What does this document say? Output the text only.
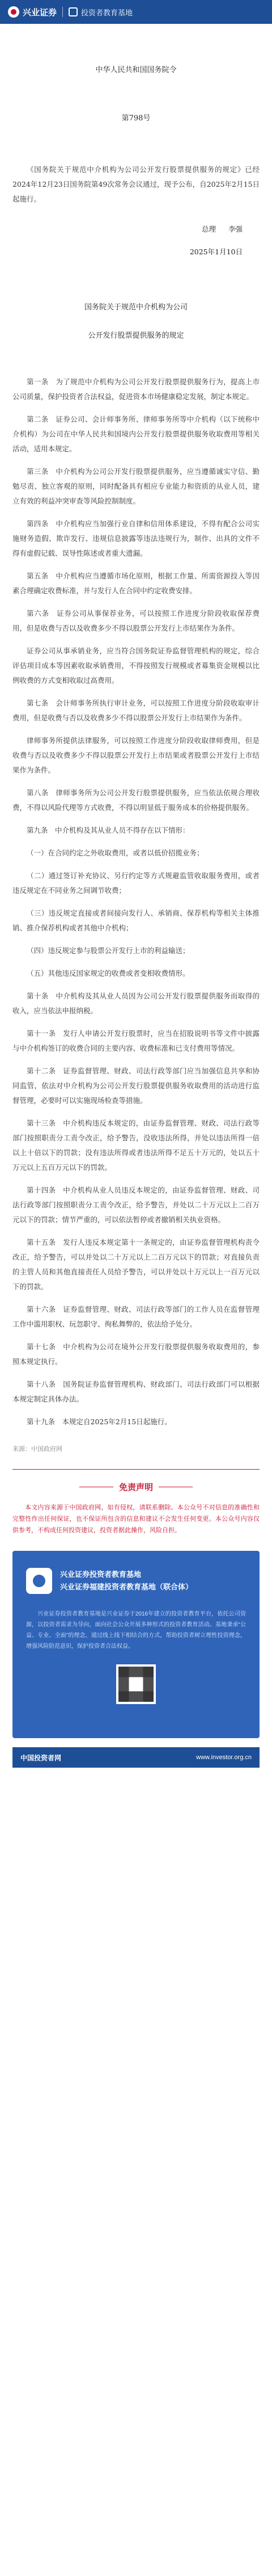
兴业证券	投资者教育基地
中华人民共和国国务院令
第798号

《国务院关于规范中介机构为公司公开发行股票提供服务的规定》已经2024年12月23日国务院第49次常务会议通过，现予公布，自2025年2月15日起施行。

总理 李强
2025年1月10日
国务院关于规范中介机构为公司
公开发行股票提供服务的规定

第一条　为了规范中介机构为公司公开发行股票提供服务行为，提高上市公司质量，保护投资者合法权益，促进资本市场健康稳定发展，制定本规定。

第二条　证券公司、会计师事务所、律师事务所等中介机构（以下统称中介机构）为公司在中华人民共和国境内公开发行股票提供服务收取费用等相关活动，适用本规定。

第三条　中介机构为公司公开发行股票提供服务，应当遵循诚实守信、勤勉尽责、独立客观的原则，同时配备具有相应专业能力和资质的从业人员，建立有效的利益冲突审查等风险控制制度。

第四条　中介机构应当加强行业自律和信用体系建设，不得有配合公司实施财务造假、欺诈发行、违规信息披露等违法违规行为，制作、出具的文件不得有虚假记载、误导性陈述或者重大遗漏。

第五条　中介机构应当遵循市场化原则，根据工作量、所需资源投入等因素合理确定收费标准，并与发行人在合同中约定收费安排。

第六条　证券公司从事保荐业务，可以按照工作进度分阶段收取保荐费用，但是收费与否以及收费多少不得以股票公开发行上市结果作为条件。

证券公司从事承销业务，应当符合国务院证券监督管理机构的规定，综合评估项目成本等因素收取承销费用，不得按照发行规模或者募集资金规模以比例收费的方式变相收取过高费用。

第七条　会计师事务所执行审计业务，可以按照工作进度分阶段收取审计费用，但是收费与否以及收费多少不得以股票公开发行上市结果作为条件。

律师事务所提供法律服务，可以按照工作进度分阶段收取律师费用，但是收费与否以及收费多少不得以股票公开发行上市结果或者股票公开发行上市结果作为条件。

第八条　律师事务所为公司公开发行股票提供服务，应当依法依规合理收费，不得以风险代理等方式收费，不得以明显低于服务成本的价格提供服务。

第九条　中介机构及其从业人员不得存在以下情形：

（一）在合同约定之外收取费用，或者以低价招揽业务；

（二）通过签订补充协议、另行约定等方式规避监管收取服务费用，或者违反规定在不同业务之间调节收费；

（三）违反规定直接或者间接向发行人、承销商、保荐机构等相关主体推销、推介保荐机构或者其他中介机构；

（四）违反规定参与股票公开发行上市的利益输送；

（五）其他违反国家规定的收费或者变相收费情形。

第十条　中介机构及其从业人员因为公司公开发行股票提供服务而取得的收入，应当依法申报纳税。

第十一条　发行人申请公开发行股票时，应当在招股说明书等文件中披露与中介机构签订的收费合同的主要内容、收费标准和已支付费用等情况。

第十二条　证券监督管理、财政、司法行政等部门应当加强信息共享和协同监管，依法对中介机构为公司公开发行股票提供服务收取费用的活动进行监督管理，必要时可以实施现场检查等措施。

第十三条　中介机构违反本规定的，由证券监督管理、财政、司法行政等部门按照职责分工责令改正，给予警告，没收违法所得，并处以违法所得一倍以上十倍以下的罚款；没有违法所得或者违法所得不足五十万元的，处以五十万元以上五百万元以下的罚款。

第十四条　中介机构从业人员违反本规定的，由证券监督管理、财政、司法行政等部门按照职责分工责令改正，给予警告，并处以二十万元以上二百万元以下的罚款；情节严重的，可以依法暂停或者撤销相关执业资格。

第十五条　发行人违反本规定第十一条规定的，由证券监督管理机构责令改正，给予警告，可以并处以二十万元以上二百万元以下的罚款；对直接负责的主管人员和其他直接责任人员给予警告，可以并处以十万元以上一百万元以下的罚款。

第十六条　证券监督管理、财政、司法行政等部门的工作人员在监督管理工作中滥用职权、玩忽职守、徇私舞弊的，依法给予处分。

第十七条　中介机构为公司在境外公开发行股票提供服务收取费用的，参照本规定执行。

第十八条　国务院证券监督管理机构、财政部门、司法行政部门可以根据本规定制定具体办法。

第十九条　本规定自2025年2月15日起施行。

来源：中国政府网
免责声明
本文内容来源于中国政府网，如有侵权，请联系删除。本公众号不对信息的准确性和完整性作出任何保证，也不保证所包含的信息和建议不会发生任何变更。本公众号内容仅供参考，不构成任何投资建议，投资者据此操作，风险自担。
兴业证券投资者教育基地
兴业证券福建投资者教育基地（联合体）
兴业证券投资者教育基地是兴业证券于2016年建立的投资者教育平台，依托公司资源，以投资者需求为导向，面向社会公众开展多种形式的投资者教育活动。基地秉承“公益、专业、全面”的理念，通过线上线下相结合的方式，帮助投资者树立理性投资理念，增强风险防范意识，保护投资者合法权益。
中国投资者网	www.investor.org.cn
